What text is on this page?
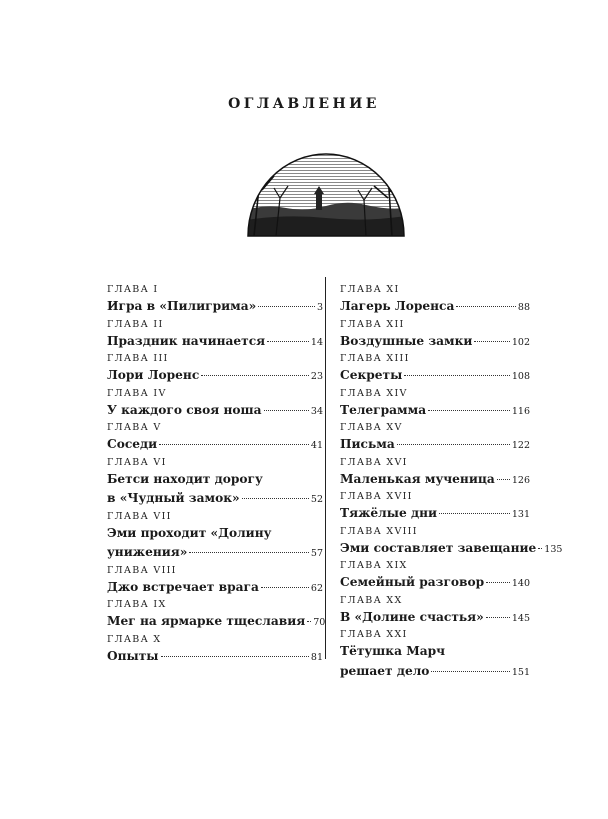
ОГЛАВЛЕНИЕ
ГЛАВА I
Игра в «Пилигрима»	3
ГЛАВА II
Праздник начинается	14
ГЛАВА III
Лори Лоренс	23
ГЛАВА IV
У каждого своя ноша	34
ГЛАВА V
Соседи	41
ГЛАВА VI
Бетси находит дорогу
в «Чудный замок»	52
ГЛАВА VII
Эми проходит «Долину
унижения»	57
ГЛАВА VIII
Джо встречает врага	62
ГЛАВА IX
Мег на ярмарке тщеславия 70
ГЛАВА X
Опыты	81
ГЛАВА XI
Лагерь Лоренса	88
ГЛАВА XII
Воздушные замки	102
ГЛАВА XIII
Секреты	108
ГЛАВА XIV
Телеграмма	116
ГЛАВА XV
Письма	122
ГЛАВА XVI
Маленькая мученица 126
ГЛАВА XVII
Тяжёлые дни	131
ГЛАВА XVIII
Эми составляет завещание 135
ГЛАВА XIX
Семейный разговор	140
ГЛАВА XX
В «Долине счастья»	145
ГЛАВА XXI
Тётушка Марч
решает дело	151
